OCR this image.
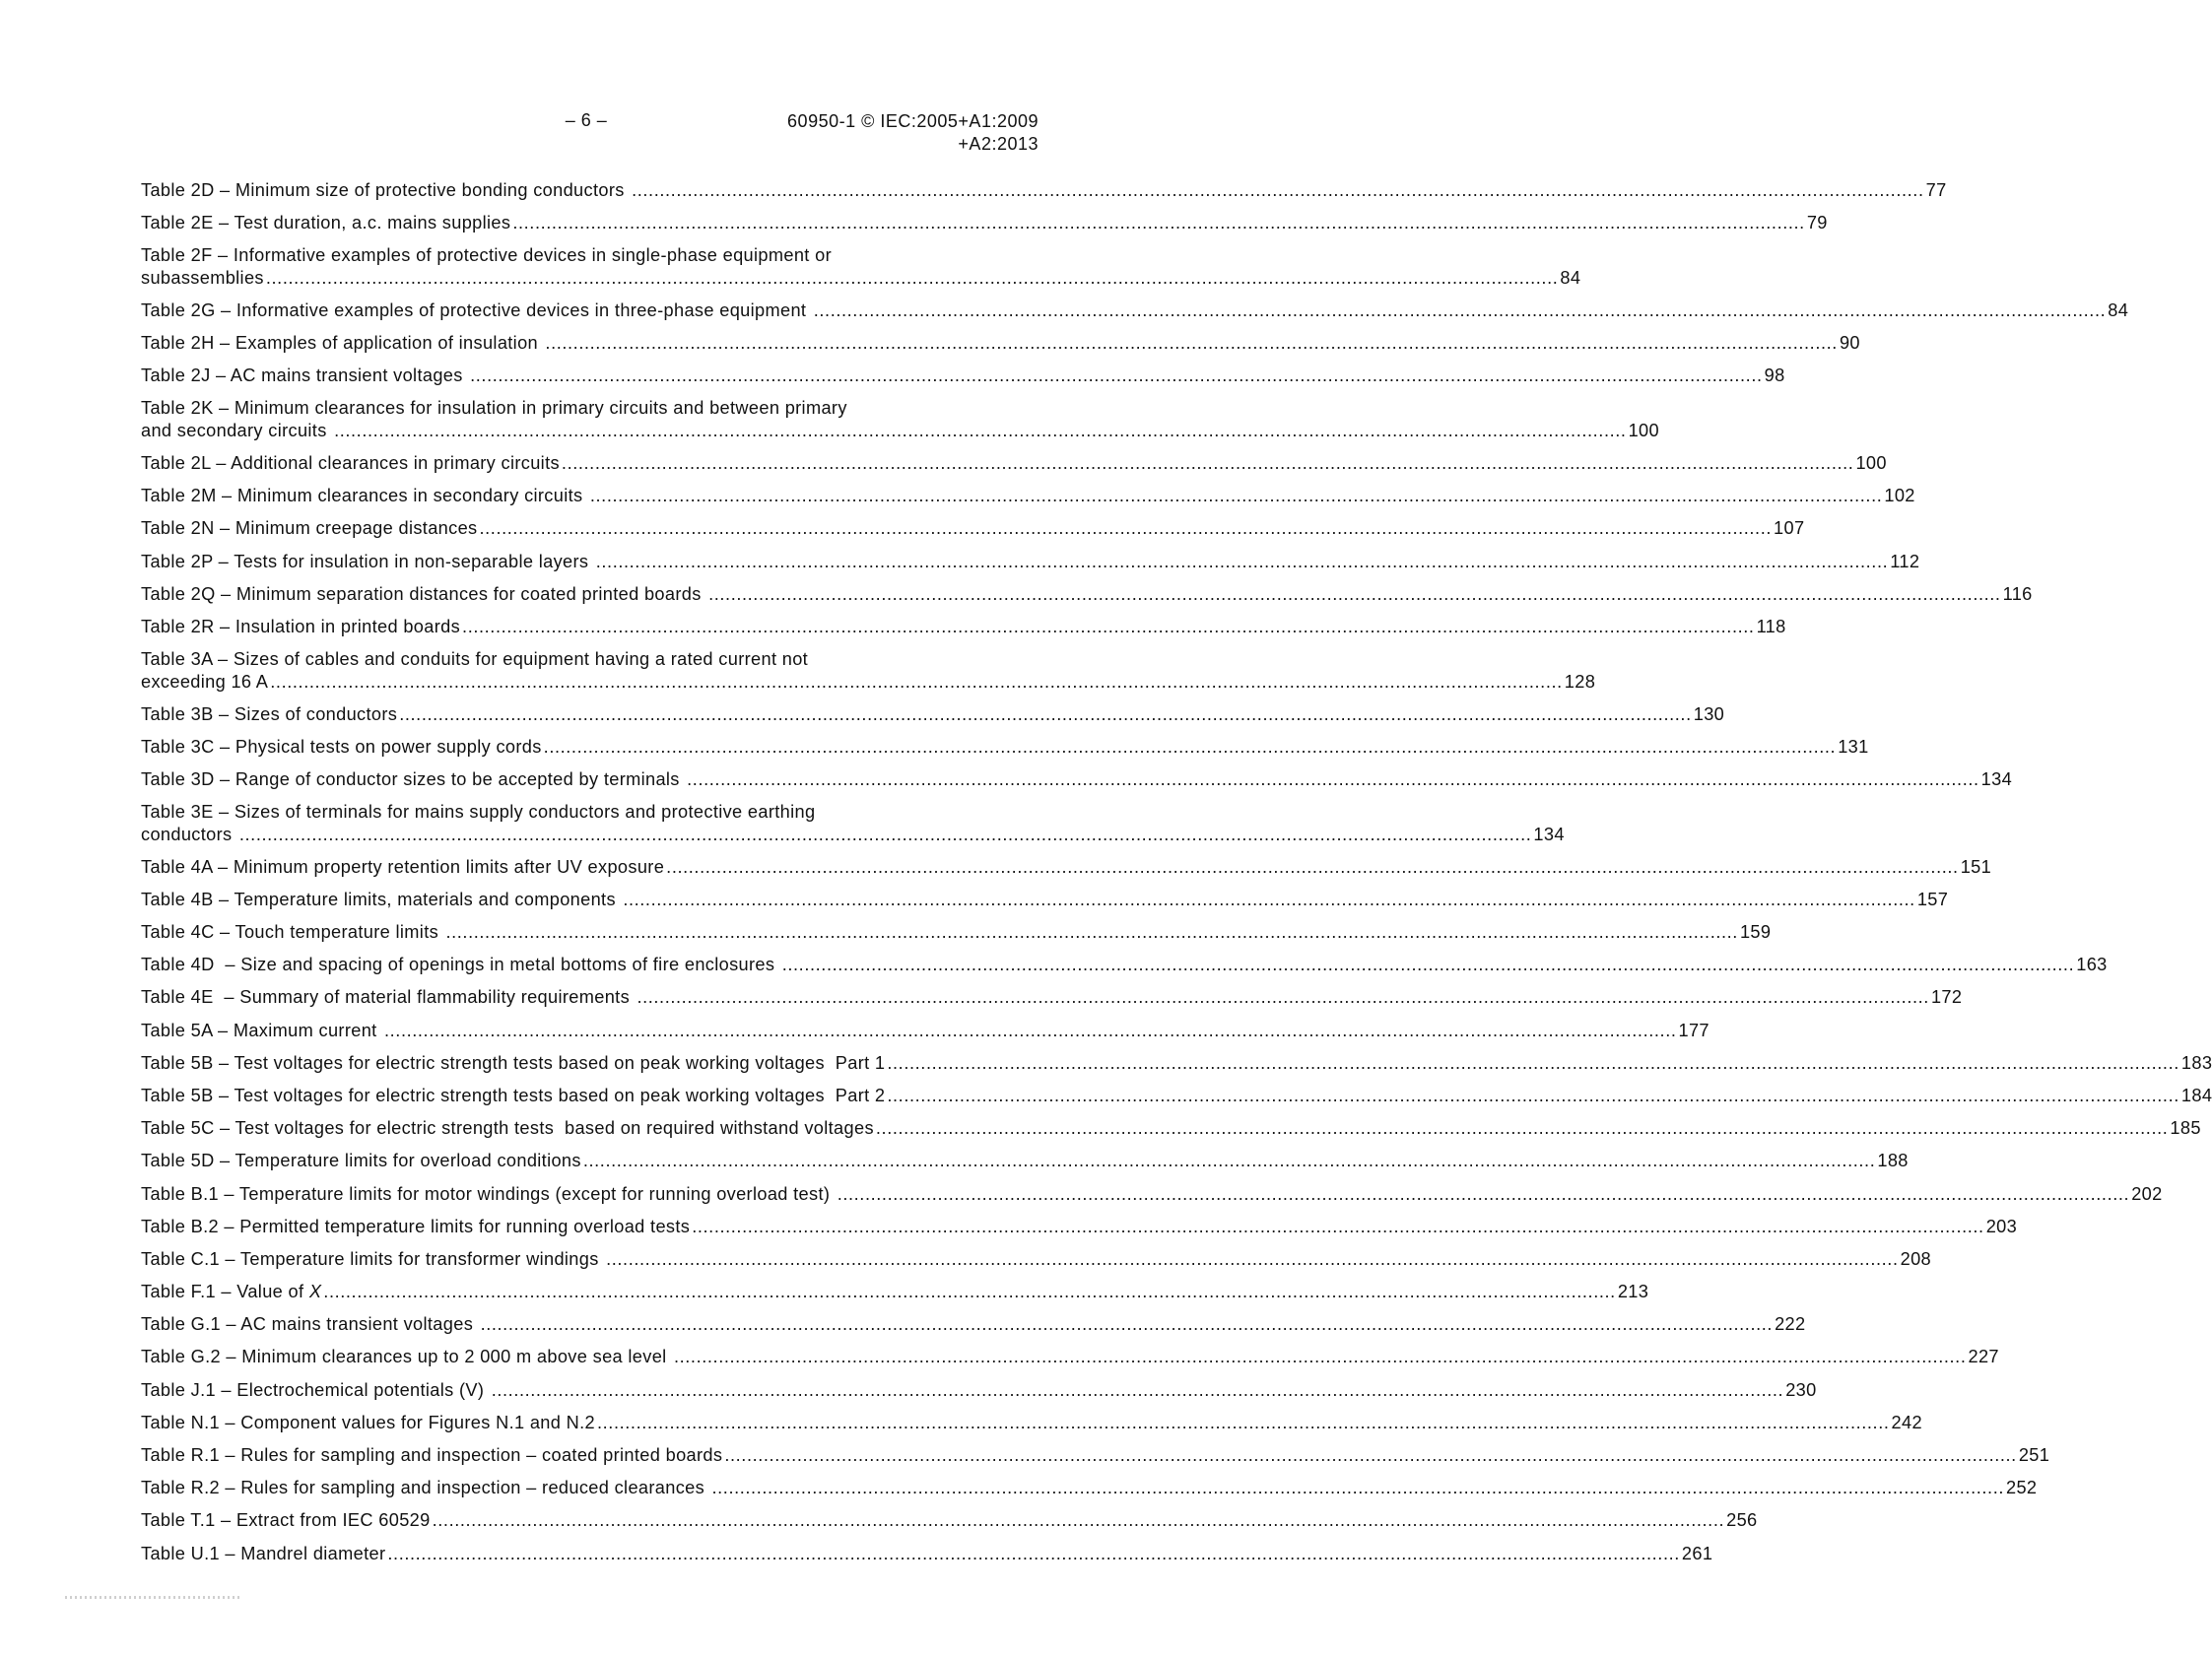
– 6 –	60950-1 © IEC:2005+A1:2009
+A2:2013
Table 2D – Minimum size of protective bonding conductors .....	77
Table 2E – Test duration, a.c. mains supplies .....	79
Table 2F – Informative examples of protective devices in single-phase equipment or
subassemblies .....	84
Table 2G – Informative examples of protective devices in three-phase equipment .....	84
Table 2H – Examples of application of insulation .....	90
Table 2J – AC mains transient voltages .....	98
Table 2K – Minimum clearances for insulation in primary circuits and between primary
and secondary circuits .....	100
Table 2L – Additional clearances in primary circuits .....	100
Table 2M – Minimum clearances in secondary circuits .....	102
Table 2N – Minimum creepage distances .....	107
Table 2P – Tests for insulation in non-separable layers .....	112
Table 2Q – Minimum separation distances for coated printed boards .....	116
Table 2R – Insulation in printed boards .....	118
Table 3A – Sizes of cables and conduits for equipment having a rated current not
exceeding 16 A .....	128
Table 3B – Sizes of conductors .....	130
Table 3C – Physical tests on power supply cords .....	131
Table 3D – Range of conductor sizes to be accepted by terminals .....	134
Table 3E – Sizes of terminals for mains supply conductors and protective earthing
conductors .....	134
Table 4A – Minimum property retention limits after UV exposure .....	151
Table 4B – Temperature limits, materials and components .....	157
Table 4C – Touch temperature limits .....	159
Table 4D  – Size and spacing of openings in metal bottoms of fire enclosures .....	163
Table 4E  – Summary of material flammability requirements .....	172
Table 5A – Maximum current .....	177
Table 5B – Test voltages for electric strength tests based on peak working voltages  Part 1 .....	183
Table 5B – Test voltages for electric strength tests based on peak working voltages  Part 2 .....	184
Table 5C – Test voltages for electric strength tests  based on required withstand voltages .....	185
Table 5D – Temperature limits for overload conditions .....	188
Table B.1 – Temperature limits for motor windings (except for running overload test) .....	202
Table B.2 – Permitted temperature limits for running overload tests .....	203
Table C.1 – Temperature limits for transformer windings .....	208
Table F.1 – Value of X .....	213
Table G.1 – AC mains transient voltages .....	222
Table G.2 – Minimum clearances up to 2 000 m above sea level .....	227
Table J.1 – Electrochemical potentials (V) .....	230
Table N.1 – Component values for Figures N.1 and N.2 .....	242
Table R.1 – Rules for sampling and inspection – coated printed boards .....	251
Table R.2 – Rules for sampling and inspection – reduced clearances .....	252
Table T.1 – Extract from IEC 60529 .....	256
Table U.1 – Mandrel diameter .....	261
